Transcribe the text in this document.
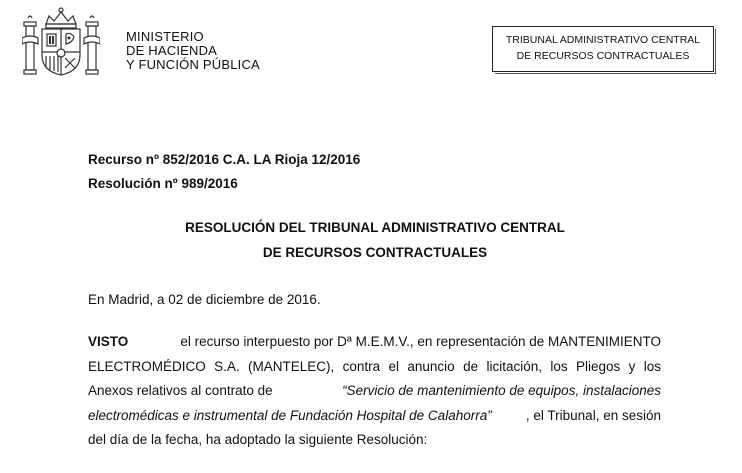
MINISTERIO
DE HACIENDA
Y FUNCIÓN PÚBLICA
TRIBUNAL ADMINISTRATIVO CENTRAL
DE RECURSOS CONTRACTUALES
Recurso nº 852/2016 C.A. LA Rioja 12/2016
Resolución nº 989/2016
RESOLUCIÓN DEL TRIBUNAL ADMINISTRATIVO CENTRAL
DE RECURSOS CONTRACTUALES
En Madrid, a 02 de diciembre de 2016.
VISTO	el recurso interpuesto por Dª M.E.M.V., en representación de MANTENIMIENTO
ELECTROMÉDICO S.A. (MANTELEC), contra el anuncio de licitación, los Pliegos y los
Anexos relativos al contrato de	“Servicio de mantenimiento de equipos, instalaciones
electromédicas e instrumental de Fundación Hospital de Calahorra”	, el Tribunal, en sesión
del día de la fecha, ha adoptado la siguiente Resolución:
